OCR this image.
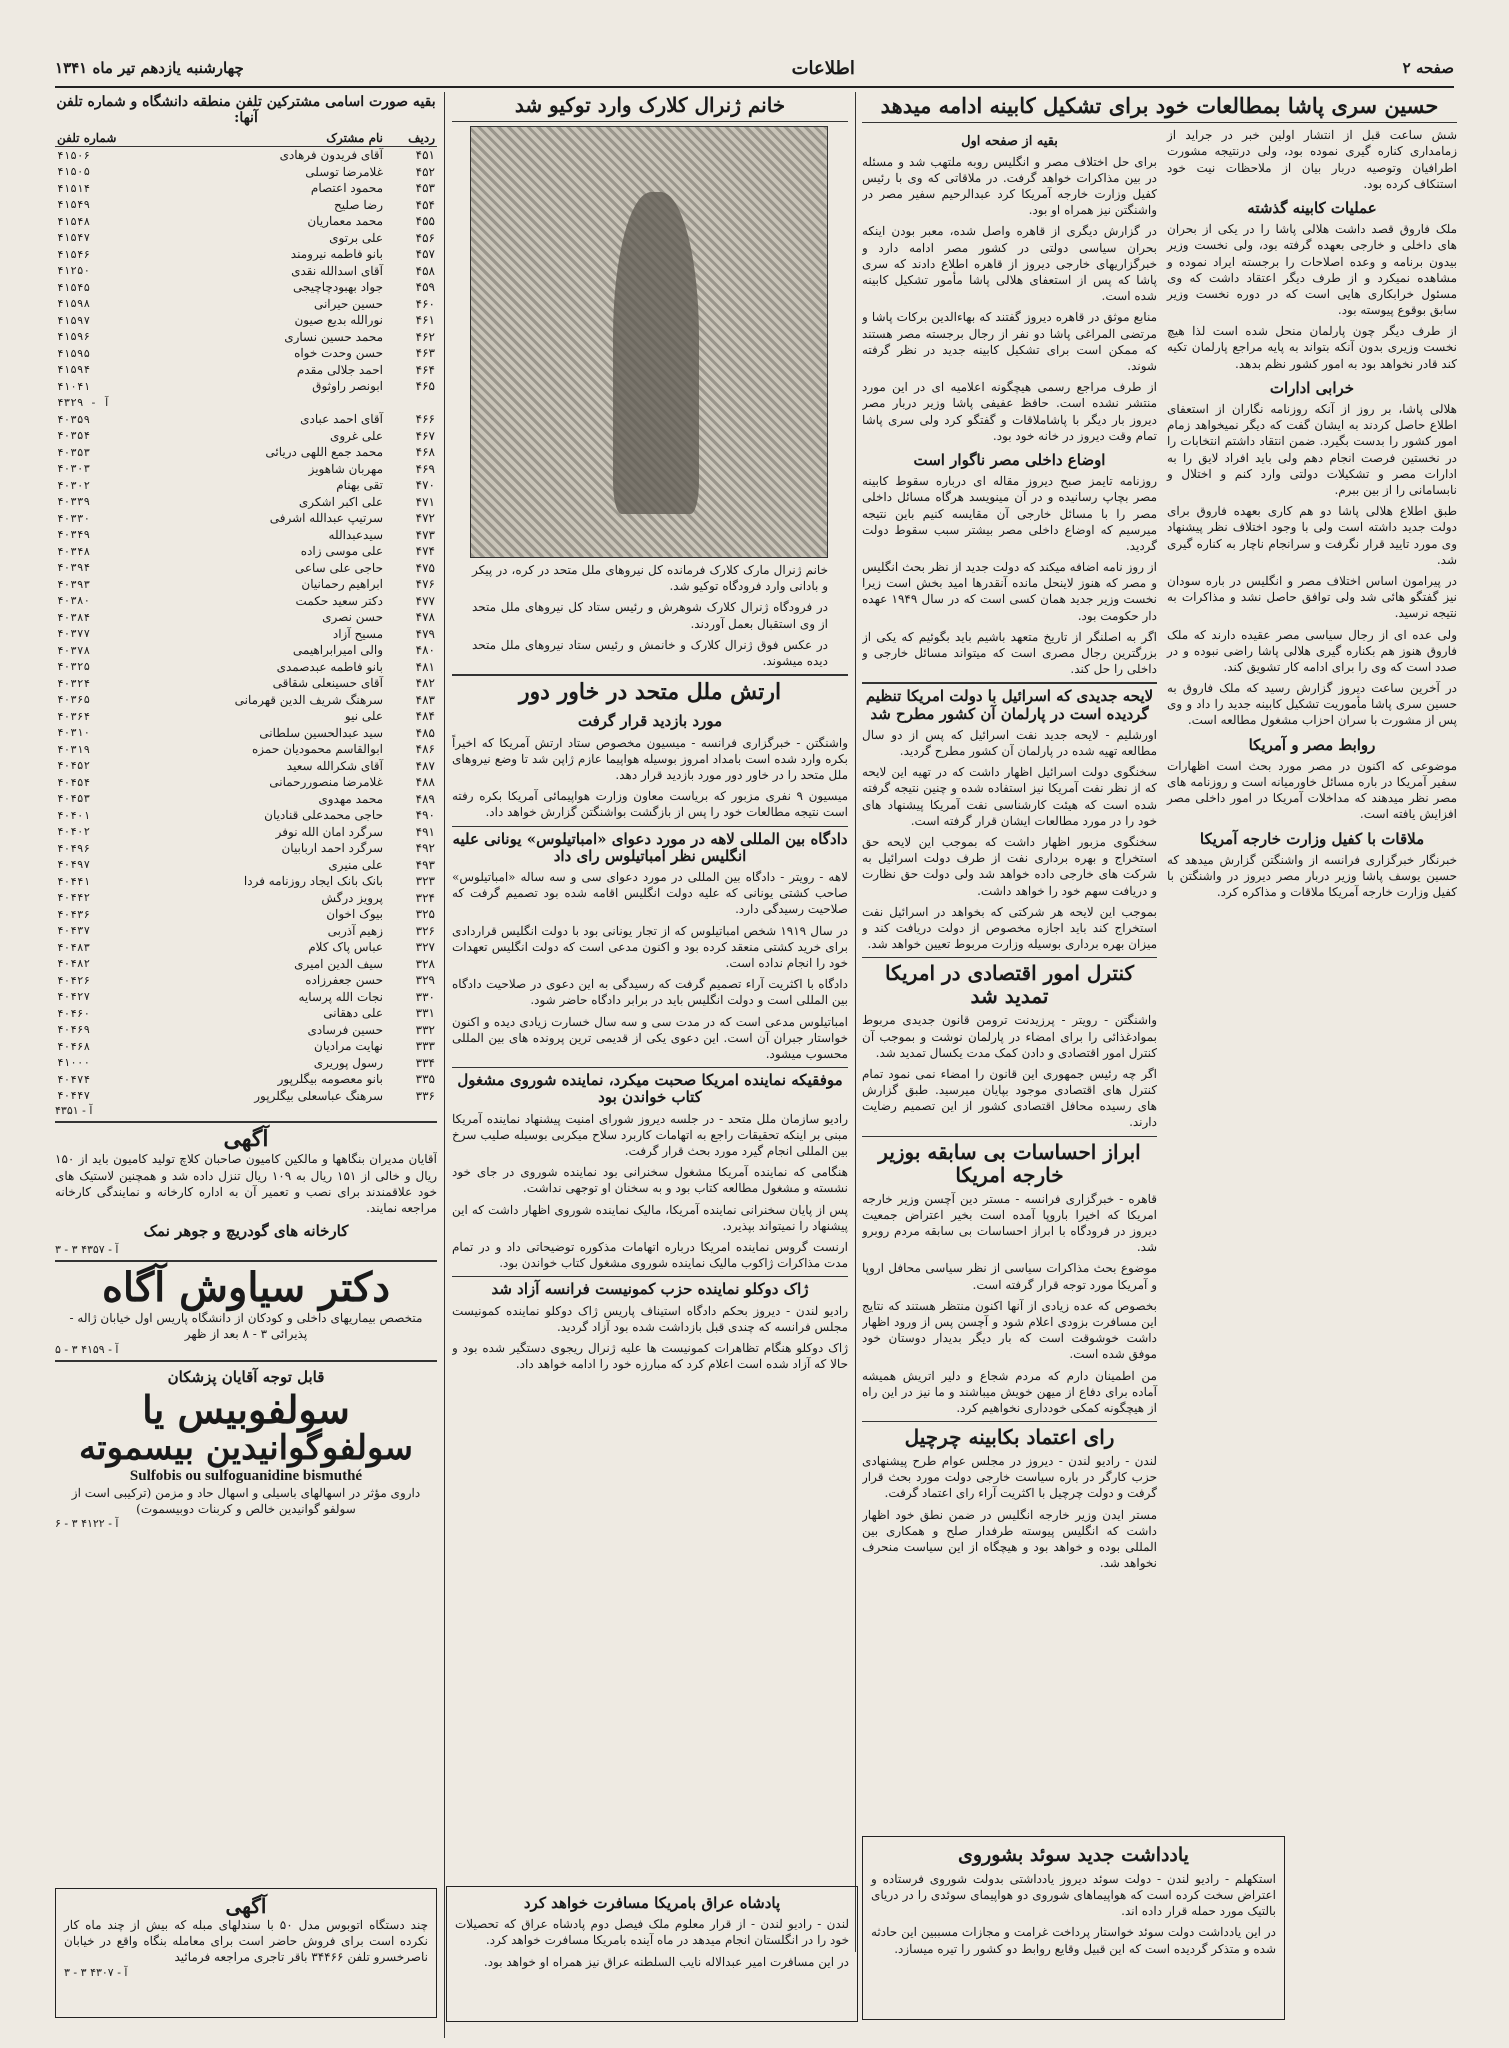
صفحه ۲
اطلاعات
چهارشنبه یازدهم تیر ماه ۱۳۴۱
حسین سری پاشا بمطالعات خود برای تشکیل کابینه ادامه میدهد

شش ساعت قبل از انتشار اولین خبر در جراید از زمامداری کناره گیری نموده بود، ولی درنتیجه مشورت اطرافیان وتوصیه دربار بیان از ملاحظات نیت خود استنکاف کرده بود.

عملیات کابینه گذشته

ملک فاروق قصد داشت هلالی پاشا را در یکی از بحران های داخلی و خارجی بعهده گرفته بود، ولی نخست وزیر بیدون برنامه و وعده اصلاحات را برجسته ایراد نموده و مشاهده نمیکرد و از طرف دیگر اعتقاد داشت که وی مسئول خرابکاری هایی است که در دوره نخست وزیر سابق بوقوع پیوسته بود.

از طرف دیگر چون پارلمان منحل شده است لذا هیچ نخست وزیری بدون آنکه بتواند به پایه مراجع پارلمان تکیه کند قادر نخواهد بود به امور کشور نظم بدهد.

خرابی ادارات

هلالی پاشا، بر روز از آنکه روزنامه نگاران از استعفای اطلاع حاصل کردند به ایشان گفت که دیگر نمیخواهد زمام امور کشور را بدست بگیرد. ضمن انتقاد داشتم انتخابات را در نخستین فرصت انجام دهم ولی باید افراد لایق را به ادارات مصر و تشکیلات دولتی وارد کنم و اختلال و نابسامانی را از بین ببرم.

طبق اطلاع هلالی پاشا دو هم کاری بعهده فاروق برای دولت جدید داشته است ولی با وجود اختلاف نظر پیشنهاد وی مورد تایید قرار نگرفت و سرانجام ناچار به کناره گیری شد.

در پیرامون اساس اختلاف مصر و انگلیس در باره سودان نیز گفتگو هائی شد ولی توافق حاصل نشد و مذاکرات به نتیجه نرسید.

ولی عده ای از رجال سیاسی مصر عقیده دارند که ملک فاروق هنوز هم بکناره گیری هلالی پاشا راضی نبوده و در صدد است که وی را برای ادامه کار تشویق کند.

در آخرین ساعت دیروز گزارش رسید که ملک فاروق به حسین سری پاشا مأموریت تشکیل کابینه جدید را داد و وی پس از مشورت با سران احزاب مشغول مطالعه است.

روابط مصر و آمریکا

موضوعی که اکنون در مصر مورد بحث است اظهارات سفیر آمریکا در باره مسائل خاورمیانه است و روزنامه های مصر نظر میدهند که مداخلات آمریکا در امور داخلی مصر افزایش یافته است.

ملاقات با کفیل وزارت خارجه آمریکا

خبرنگار خبرگزاری فرانسه از واشنگتن گزارش میدهد که حسین یوسف پاشا وزیر دربار مصر دیروز در واشنگتن با کفیل وزارت خارجه آمریکا ملاقات و مذاکره کرد.

بقیه از صفحه اول

برای حل اختلاف مصر و انگلیس روبه ملتهب شد و مسئله در بین مذاکرات خواهد گرفت. در ملاقاتی که وی با رئیس کفیل وزارت خارجه آمریکا کرد عبدالرحیم سفیر مصر در واشنگتن نیز همراه او بود.

در گزارش دیگری از قاهره واصل شده، معبر بودن اینکه بحران سیاسی دولتی در کشور مصر ادامه دارد و خبرگزاریهای خارجی دیروز از قاهره اطلاع دادند که سری پاشا که پس از استعفای هلالی پاشا مأمور تشکیل کابینه شده است.

منابع موثق در قاهره دیروز گفتند که بهاءالدین برکات پاشا و مرتضی المراغی پاشا دو نفر از رجال برجسته مصر هستند که ممکن است برای تشکیل کابینه جدید در نظر گرفته شوند.

از طرف مراجع رسمی هیچگونه اعلامیه ای در این مورد منتشر نشده است. حافظ عفیفی پاشا وزیر دربار مصر دیروز بار دیگر با پاشاملاقات و گفتگو کرد ولی سری پاشا تمام وقت دیروز در خانه خود بود.

اوضاع داخلی مصر ناگوار است

روزنامه تایمز صبح دیروز مقاله ای درباره سقوط کابینه مصر بچاپ رسانیده و در آن مینویسد هرگاه مسائل داخلی مصر را با مسائل خارجی آن مقایسه کنیم باین نتیجه میرسیم که اوضاع داخلی مصر بیشتر سبب سقوط دولت گردید.

از روز نامه اضافه میکند که دولت جدید از نظر بحث انگلیس و مصر که هنوز لاینحل مانده آنقدرها امید بخش است زیرا نخست وزیر جدید همان کسی است که در سال ۱۹۴۹ عهده دار حکومت بود.

اگر به اصلنگر از تاریخ متعهد باشیم باید بگوئیم که یکی از بزرگترین رجال مصری است که میتواند مسائل خارجی و داخلی را حل کند.

لایحه جدیدی که اسرائیل با دولت امریکا تنظیم گردیده است در پارلمان آن کشور مطرح شد

اورشلیم - لایحه جدید نفت اسرائیل که پس از دو سال مطالعه تهیه شده در پارلمان آن کشور مطرح گردید.

سخنگوی دولت اسرائیل اظهار داشت که در تهیه این لایحه که از نظر نفت آمریکا نیز استفاده شده و چنین نتیجه گرفته شده است که هیئت کارشناسی نفت آمریکا پیشنهاد های خود را در مورد مطالعات ایشان قرار گرفته است.

سخنگوی مزبور اظهار داشت که بموجب این لایحه حق استخراج و بهره برداری نفت از طرف دولت اسرائیل به شرکت های خارجی داده خواهد شد ولی دولت حق نظارت و دریافت سهم خود را خواهد داشت.

بموجب این لایحه هر شرکتی که بخواهد در اسرائیل نفت استخراج کند باید اجازه مخصوص از دولت دریافت کند و ميزان بهره برداری بوسیله وزارت مربوط تعیین خواهد شد.

کنترل امور اقتصادی در امریکا تمدید شد

واشنگتن - رویتر - پرزیدنت ترومن قانون جدیدی مربوط بموادغذائی را برای امضاء در پارلمان نوشت و بموجب آن کنترل امور اقتصادی و دادن کمک مدت یکسال تمدید شد.

اگر چه رئیس جمهوری این قانون را امضاء نمی نمود تمام کنترل های اقتصادی موجود بپایان میرسید. طبق گزارش های رسیده محافل اقتصادی کشور از این تصمیم رضایت دارند.

ابراز احساسات بی سابقه بوزیر خارجه امریکا

قاهره - خبرگزاری فرانسه - مستر دین آچسن وزیر خارجه امریکا که اخیرا باروپا آمده است بخیر اعتراض جمعیت دیروز در فرودگاه با ابراز احساسات بی سابقه مردم روبرو شد.

موضوع بحث مذاکرات سیاسی از نظر سیاسی محافل اروپا و آمریکا مورد توجه قرار گرفته است.

بخصوص که عده زیادی از آنها اکنون منتظر هستند که نتایج این مسافرت بزودی اعلام شود و آچسن پس از ورود اظهار داشت خوشوقت است که بار دیگر بدیدار دوستان خود موفق شده است.

من اطمینان دارم که مردم شجاع و دلیر اتریش همیشه آماده برای دفاع از میهن خویش میباشند و ما نیز در این راه از هیچگونه کمکی خودداری نخواهیم کرد.

رای اعتماد بکابینه چرچیل

لندن - رادیو لندن - دیروز در مجلس عوام طرح پیشنهادی حزب کارگر در باره سیاست خارجی دولت مورد بحث قرار گرفت و دولت چرچیل با اکثریت آراء رای اعتماد گرفت.

مستر ایدن وزیر خارجه انگلیس در ضمن نطق خود اظهار داشت که انگلیس پیوسته طرفدار صلح و همکاری بین المللی بوده و خواهد بود و هیچگاه از این سیاست منحرف نخواهد شد.

یادداشت جدید سوئد بشوروی

استکهلم - رادیو لندن - دولت سوئد دیروز یادداشتی بدولت شوروی فرستاده و اعتراض سخت کرده است که هواپیماهای شوروی دو هواپیمای سوئدی را در دریای بالتیک مورد حمله قرار داده اند.

در این یادداشت دولت سوئد خواستار پرداخت غرامت و مجازات مسببین این حادثه شده و متذکر گردیده است که این قبیل وقایع روابط دو کشور را تیره میسازد.

خانم ژنرال کلارک وارد توکیو شد

خانم ژنرال مارک کلارک فرمانده کل نیروهای ملل متحد در کره، در پیکر و بادانی وارد فرودگاه توکیو شد.

در فرودگاه ژنرال کلارک شوهرش و رئیس ستاد کل نیروهای ملل متحد از وی استقبال بعمل آوردند.

در عکس فوق ژنرال کلارک و خانمش و رئیس ستاد نیروهای ملل متحد دیده میشوند.

ارتش ملل متحد در خاور دور
مورد بازدید قرار گرفت

واشنگتن - خبرگزاری فرانسه - میسیون مخصوص ستاد ارتش آمریکا که اخیراً بکره وارد شده است بامداد امروز بوسیله هواپیما عازم ژاپن شد تا وضع نیروهای ملل متحد را در خاور دور مورد بازدید قرار دهد.

میسیون ۹ نفری مزبور که بریاست معاون وزارت هواپیمائی آمریکا بکره رفته است نتیجه مطالعات خود را پس از بازگشت بواشنگتن گزارش خواهد داد.

دادگاه بین المللی لاهه در مورد دعوای «امباتیلوس» یونانی علیه انگلیس نظر امباتیلوس رای داد

لاهه - رویتر - دادگاه بین المللی در مورد دعوای سی و سه ساله «امباتیلوس» صاحب کشتی یونانی که علیه دولت انگلیس اقامه شده بود تصمیم گرفت که صلاحیت رسیدگی دارد.

در سال ۱۹۱۹ شخص امباتیلوس که از تجار یونانی بود با دولت انگلیس قراردادی برای خرید کشتی منعقد کرده بود و اکنون مدعی است که دولت انگلیس تعهدات خود را انجام نداده است.

دادگاه با اکثریت آراء تصمیم گرفت که رسیدگی به این دعوی در صلاحیت دادگاه بین المللی است و دولت انگلیس باید در برابر دادگاه حاضر شود.

امباتیلوس مدعی است که در مدت سی و سه سال خسارت زیادی دیده و اکنون خواستار جبران آن است. این دعوی یکی از قدیمی ترین پرونده های بین المللی محسوب میشود.

موفقیکه نماینده امریکا صحبت میکرد، نماینده شوروی مشغول کتاب خواندن بود

رادیو سازمان ملل متحد - در جلسه دیروز شورای امنیت پیشنهاد نماینده آمریکا مبنی بر اینکه تحقیقات راجع به اتهامات کاربرد سلاح میکربی بوسیله صلیب سرخ بین المللی انجام گیرد مورد بحث قرار گرفت.

هنگامی که نماینده آمریکا مشغول سخنرانی بود نماینده شوروی در جای خود نشسته و مشغول مطالعه کتاب بود و به سخنان او توجهی نداشت.

پس از پایان سخنرانی نماینده آمریکا، مالیک نماینده شوروی اظهار داشت که این پیشنهاد را نمیتواند بپذیرد.

ارنست گروس نماینده امریکا درباره اتهامات مذکوره توضیحاتی داد و در تمام مدت مذاکرات ژاکوب مالیک نماینده شوروی مشغول کتاب خواندن بود.

ژاک دوکلو نماینده حزب کمونیست فرانسه آزاد شد

رادیو لندن - دیروز بحکم دادگاه استیناف پاریس ژاک دوکلو نماینده کمونیست مجلس فرانسه که چندی قبل بازداشت شده بود آزاد گردید.

ژاک دوکلو هنگام تظاهرات کمونیست ها علیه ژنرال ریجوی دستگیر شده بود و حالا که آزاد شده است اعلام کرد که مبارزه خود را ادامه خواهد داد.

پادشاه عراق بامریکا مسافرت خواهد کرد

لندن - رادیو لندن - از قرار معلوم ملک فیصل دوم پادشاه عراق که تحصیلات خود را در انگلستان انجام میدهد در ماه آینده بامریکا مسافرت خواهد کرد.

در این مسافرت امیر عبدالاله نایب السلطنه عراق نیز همراه او خواهد بود.

بقیه صورت اسامی مشترکین تلفن منطقه دانشگاه و شماره تلفن آنها:
ردیف	نام مشترک	شماره تلفن
۴۵۱	آقای فریدون فرهادی	۴۱۵۰۶
۴۵۲	غلامرضا توسلی	۴۱۵۰۵
۴۵۳	محمود اعتصام	۴۱۵۱۴
۴۵۴	رضا صلیح	۴۱۵۴۹
۴۵۵	محمد معماریان	۴۱۵۴۸
۴۵۶	علی برتوی	۴۱۵۴۷
۴۵۷	بانو فاطمه نیرومند	۴۱۵۴۶
۴۵۸	آقای اسدالله نقدی	۴۱۲۵۰
۴۵۹	جواد بهبودچاچیجی	۴۱۵۴۵
۴۶۰	حسین حیرانی	۴۱۵۹۸
۴۶۱	نورالله بدیع صیون	۴۱۵۹۷
۴۶۲	محمد حسین نساری	۴۱۵۹۶
۴۶۳	حسن وحدت خواه	۴۱۵۹۵
۴۶۴	احمد جلالی مقدم	۴۱۵۹۴
۴۶۵	ابونصر راوثوق	۴۱۰۴۱
آ - ۴۳۲۹		
۴۶۶	آقای احمد عبادی	۴۰۳۵۹
۴۶۷	علی غروی	۴۰۳۵۴
۴۶۸	محمد جمع اللهی دریائی	۴۰۳۵۳
۴۶۹	مهربان شاهویز	۴۰۳۰۳
۴۷۰	تقی بهنام	۴۰۳۰۲
۴۷۱	علی اکبر اشکری	۴۰۳۳۹
۴۷۲	سرتیپ عبدالله اشرفی	۴۰۳۳۰
۴۷۳	سیدعبدالله	۴۰۳۴۹
۴۷۴	علی موسی زاده	۴۰۳۴۸
۴۷۵	حاجی علی ساعی	۴۰۳۹۴
۴۷۶	ابراهیم رحمانیان	۴۰۳۹۳
۴۷۷	دکتر سعید حکمت	۴۰۳۸۰
۴۷۸	حسن نصری	۴۰۳۸۴
۴۷۹	مسیح آزاد	۴۰۳۷۷
۴۸۰	والی امیرابراهیمی	۴۰۳۷۸
۴۸۱	بانو فاطمه عبدصمدی	۴۰۳۲۵
۴۸۲	آقای حسینعلی شقاقی	۴۰۳۲۴
۴۸۳	سرهنگ شریف الدین قهرمانی	۴۰۳۶۵
۴۸۴	علی نیو	۴۰۳۶۴
۴۸۵	سید عبدالحسین سلطانی	۴۰۳۱۰
۴۸۶	ابوالقاسم محمودیان حمزه	۴۰۳۱۹
۴۸۷	آقای شکرالله سعید	۴۰۴۵۲
۴۸۸	غلامرضا منصوررحمانی	۴۰۴۵۴
۴۸۹	محمد مهدوی	۴۰۴۵۳
۴۹۰	حاجی محمدعلی قنادیان	۴۰۴۰۱
۴۹۱	سرگرد امان الله نوفر	۴۰۴۰۲
۴۹۲	سرگرد احمد اربابیان	۴۰۴۹۶
۴۹۳	علی منیری	۴۰۴۹۷
۳۲۳	بانک بانک ایجاد روزنامه فردا	۴۰۴۴۱
۳۲۴	پرویز درگش	۴۰۴۴۲
۳۲۵	بیوک اخوان	۴۰۴۳۶
۳۲۶	زهیم آذربی	۴۰۴۳۷
۳۲۷	عباس پاک کلام	۴۰۴۸۳
۳۲۸	سیف الدین امیری	۴۰۴۸۲
۳۲۹	حسن جعفرزاده	۴۰۴۲۶
۳۳۰	نجات الله پرسایه	۴۰۴۲۷
۳۳۱	علی دهقانی	۴۰۴۶۰
۳۳۲	حسین فرسادی	۴۰۴۶۹
۳۳۳	نهایت مرادیان	۴۰۴۶۸
۳۳۴	رسول پوریری	۴۱۰۰۰
۳۳۵	بانو معصومه بیگلرپور	۴۰۴۷۴
۳۳۶	سرهنگ عباسعلی بیگلرپور	۴۰۴۴۷
آ - ۴۳۵۱
آگهی
آقایان مدیران بنگاهها و مالکین کامیون صاحبان کلاچ تولید کامیون باید از ۱۵۰ ریال و خالی از ۱۵۱ ریال به ۱۰۹ ریال تنزل داده شد و همچنین لاستیک های خود علاقمندند برای نصب و تعمیر آن به اداره کارخانه و نمایندگی کارخانه مراجعه نمایند.
کارخانه های گودریچ و جوهر نمک
آ - ۴۳۵۷ ۳ - ۳
دکتر سیاوش آگاه
متخصص بیماریهای داخلی و کودکان از دانشگاه پاریس اول خیابان ژاله - پذیرائی ۳ - ۸ بعد از ظهر
آ - ۴۱۵۹ ۳ - ۵
قابل توجه آقایان پزشکان
سولفوبیس یا
سولفوگوانیدین بیسموته
Sulfobis ou sulfoguanidine bismuthé
داروی مؤثر در اسهالهای باسیلی و اسهال حاد و مزمن (ترکیبی است از سولفو گوانیدین خالص و کربنات دوبیسموت)
آ - ۴۱۲۲ ۳ - ۶
آگهی
چند دستگاه اتوبوس مدل ۵۰ با سندلهای مبله که بیش از چند ماه کار نکرده است برای فروش حاضر است برای معامله بنگاه واقع در خیابان ناصرخسرو تلفن ۳۴۴۶۶ باقر تاجری مراجعه فرمائید
آ - ۴۳۰۷ ۳ - ۳
